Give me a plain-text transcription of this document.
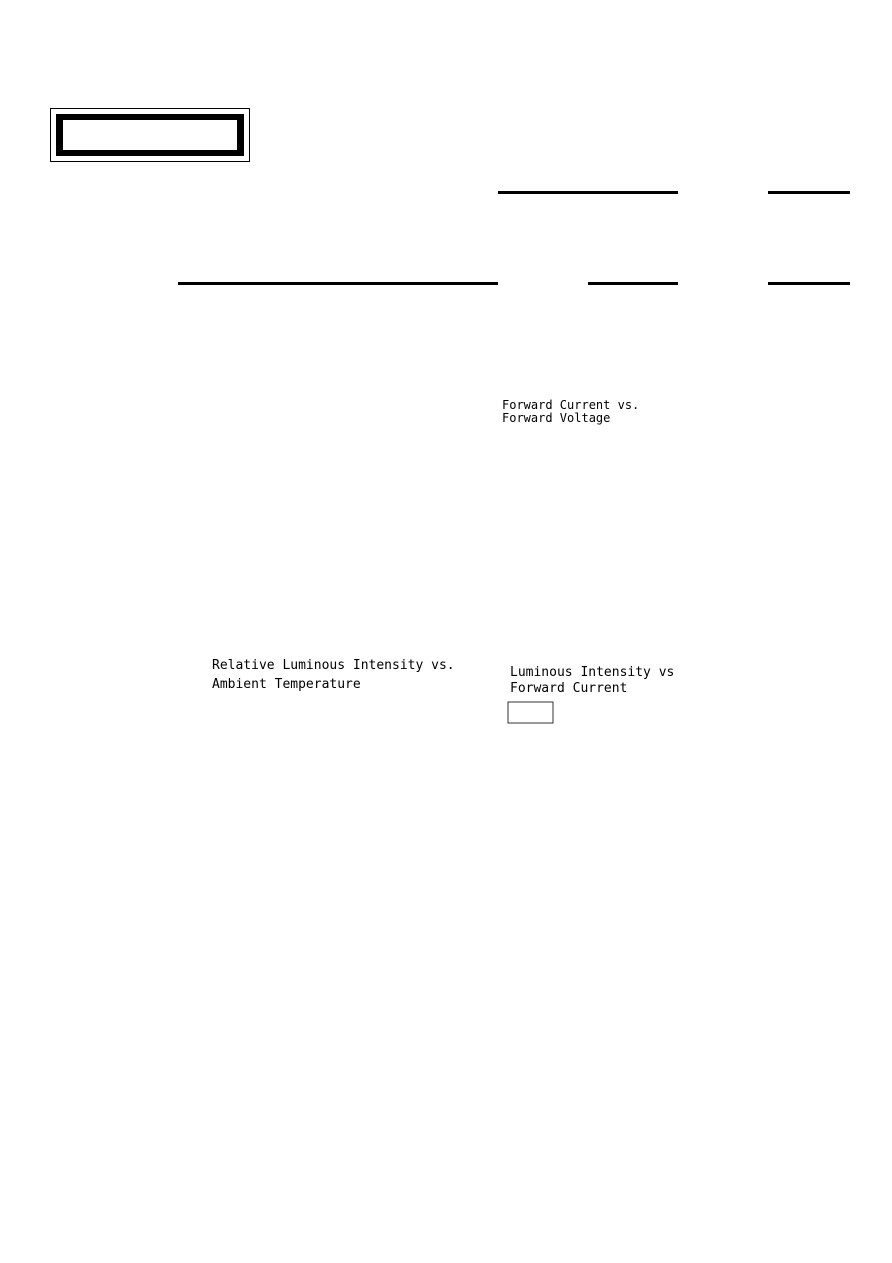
Forward Current vs.
Forward Voltage
Relative Luminous Intensity vs.
Ambient Temperature
Luminous Intensity vs
Forward Current
